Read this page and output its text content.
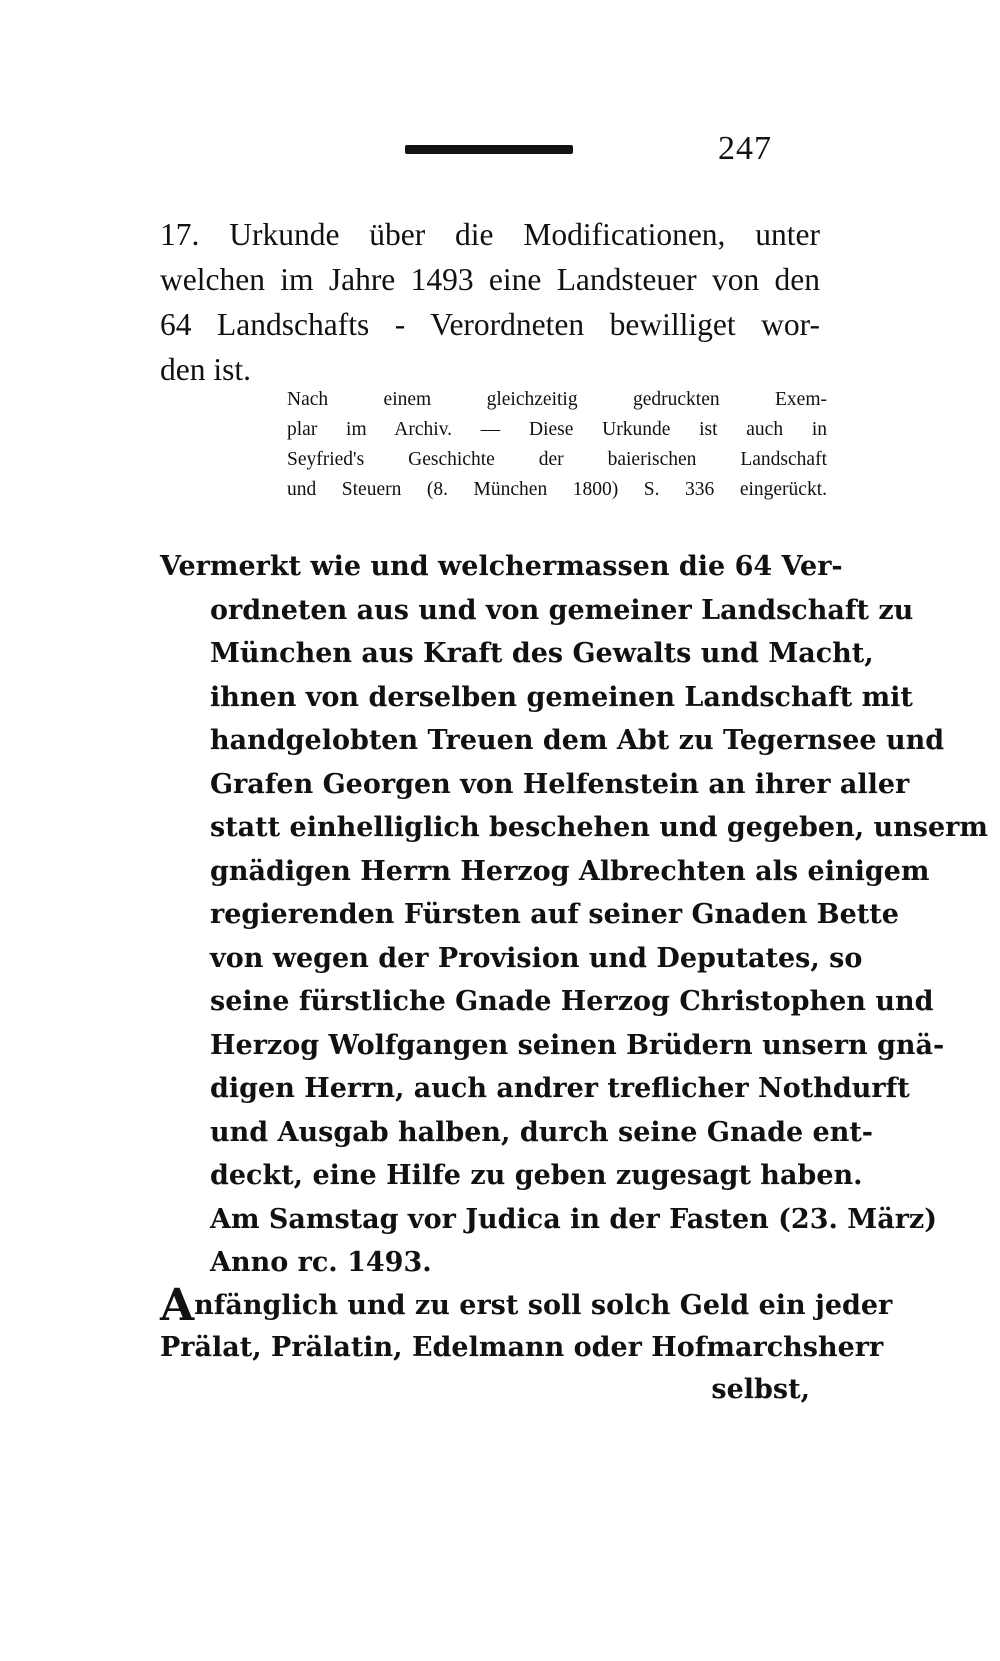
247
17. Urkunde über die Modificationen, unter
welchen im Jahre 1493 eine Landsteuer von den
64 Landschafts - Verordneten bewilliget wor-
den ist.
Nach einem gleichzeitig gedruckten Exem-
plar im Archiv. — Diese Urkunde ist auch in
Seyfried's Geschichte der baierischen Landschaft
und Steuern (8. München 1800) S. 336 eingerückt.
Vermerkt wie und welchermassen die 64 Ver-
ordneten aus und von gemeiner Landschaft zu
München aus Kraft des Gewalts und Macht,
ihnen von derselben gemeinen Landschaft mit
handgelobten Treuen dem Abt zu Tegernsee und
Grafen Georgen von Helfenstein an ihrer aller
statt einhelliglich beschehen und gegeben, unserm
gnädigen Herrn Herzog Albrechten als einigem
regierenden Fürsten auf seiner Gnaden Bette
von wegen der Provision und Deputates, so
seine fürstliche Gnade Herzog Christophen und
Herzog Wolfgangen seinen Brüdern unsern gnä-
digen Herrn, auch andrer treflicher Nothdurft
und Ausgab halben, durch seine Gnade ent-
deckt, eine Hilfe zu geben zugesagt haben.
Am Samstag vor Judica in der Fasten (23. März)
Anno rc. 1493.
Anfänglich und zu erst soll solch Geld ein jeder
Prälat, Prälatin, Edelmann oder Hofmarchsherr
selbst,
